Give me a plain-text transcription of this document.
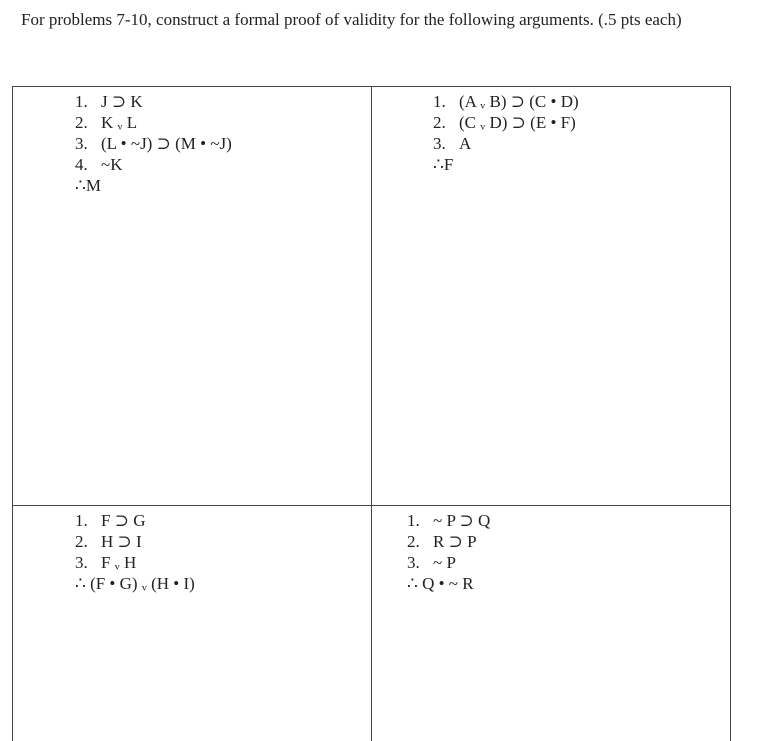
For problems 7-10, construct a formal proof of validity for the following arguments. (.5 pts each)
1. J ⊃ K
2. K ᵥ L
3. (L • ~J) ⊃ (M • ~J)
4. ~K
∴M
1. (A ᵥ B) ⊃ (C • D)
2. (C ᵥ D) ⊃ (E • F)
3. A
∴F
1. F ⊃ G
2. H ⊃ I
3. F ᵥ H
∴ (F • G) ᵥ (H • I)
1. ~ P ⊃ Q
2. R ⊃ P
3. ~ P
∴ Q • ~ R
